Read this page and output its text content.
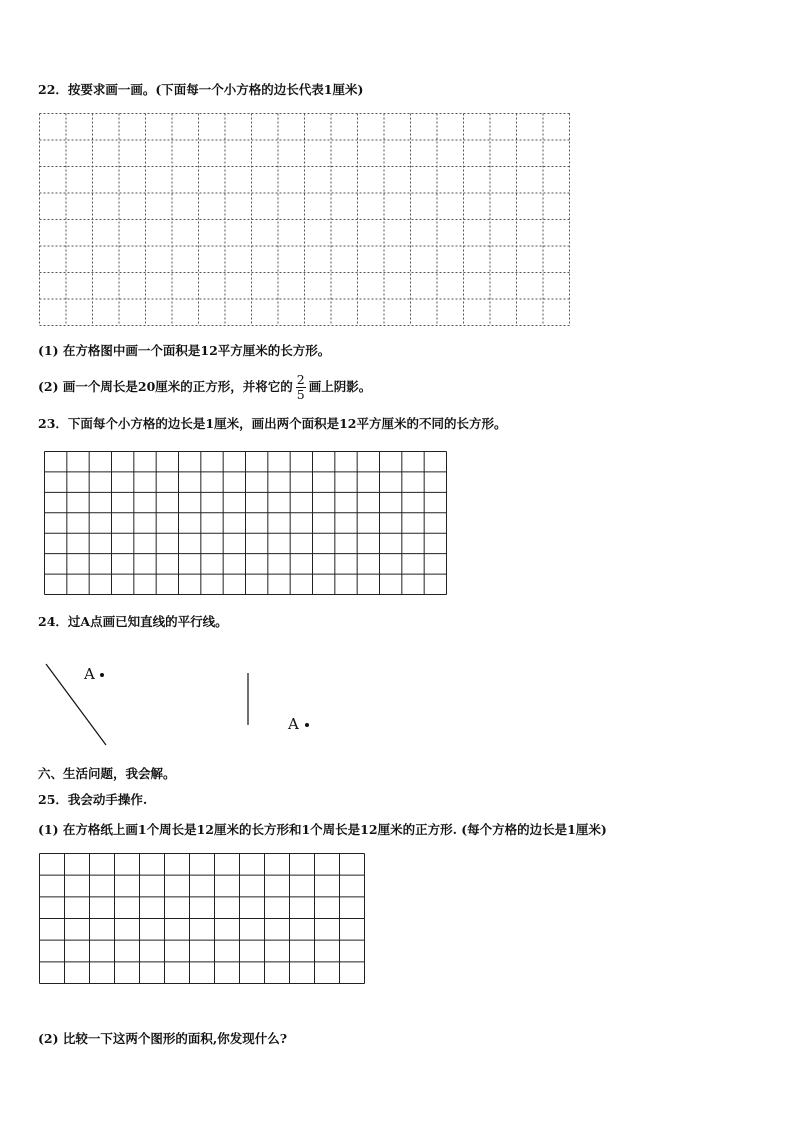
22．按要求画一画。(下面每一个小方格的边长代表1厘米)
(1) 在方格图中画一个面积是12平方厘米的长方形。
(2) 画一个周长是20厘米的正方形，并将它的 $\frac{2}{5}$ 画上阴影。
23．下面每个小方格的边长是1厘米，画出两个面积是12平方厘米的不同的长方形。
24．过A点画已知直线的平行线。
A
A
六、生活问题，我会解。
25．我会动手操作.
(1) 在方格纸上画1个周长是12厘米的长方形和1个周长是12厘米的正方形. (每个方格的边长是1厘米)
(2) 比较一下这两个图形的面积,你发现什么?
